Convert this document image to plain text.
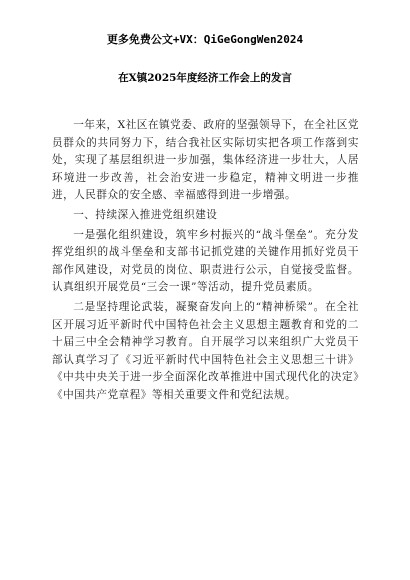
更多免费公文+VX：QiGeGongWen2024
在X镇2025年度经济工作会上的发言

一年来，X社区在镇党委、政府的坚强领导下，在全社区党员群众的共同努力下，结合我社区实际切实把各项工作落到实处，实现了基层组织进一步加强，集体经济进一步壮大，人居环境进一步改善，社会治安进一步稳定，精神文明进一步推进，人民群众的安全感、幸福感得到进一步增强。

一、持续深入推进党组织建设

一是强化组织建设，筑牢乡村振兴的“战斗堡垒”。充分发挥党组织的战斗堡垒和支部书记抓党建的关键作用抓好党员干部作风建设，对党员的岗位、职责进行公示，自觉接受监督。认真组织开展党员“三会一课”等活动，提升党员素质。

二是坚持理论武装，凝聚奋发向上的“精神桥梁”。在全社区开展习近平新时代中国特色社会主义思想主题教育和党的二十届三中全会精神学习教育。自开展学习以来组织广大党员干部认真学习了《习近平新时代中国特色社会主义思想三十讲》《中共中央关于进一步全面深化改革推进中国式现代化的决定》《中国共产党章程》等相关重要文件和党纪法规。
